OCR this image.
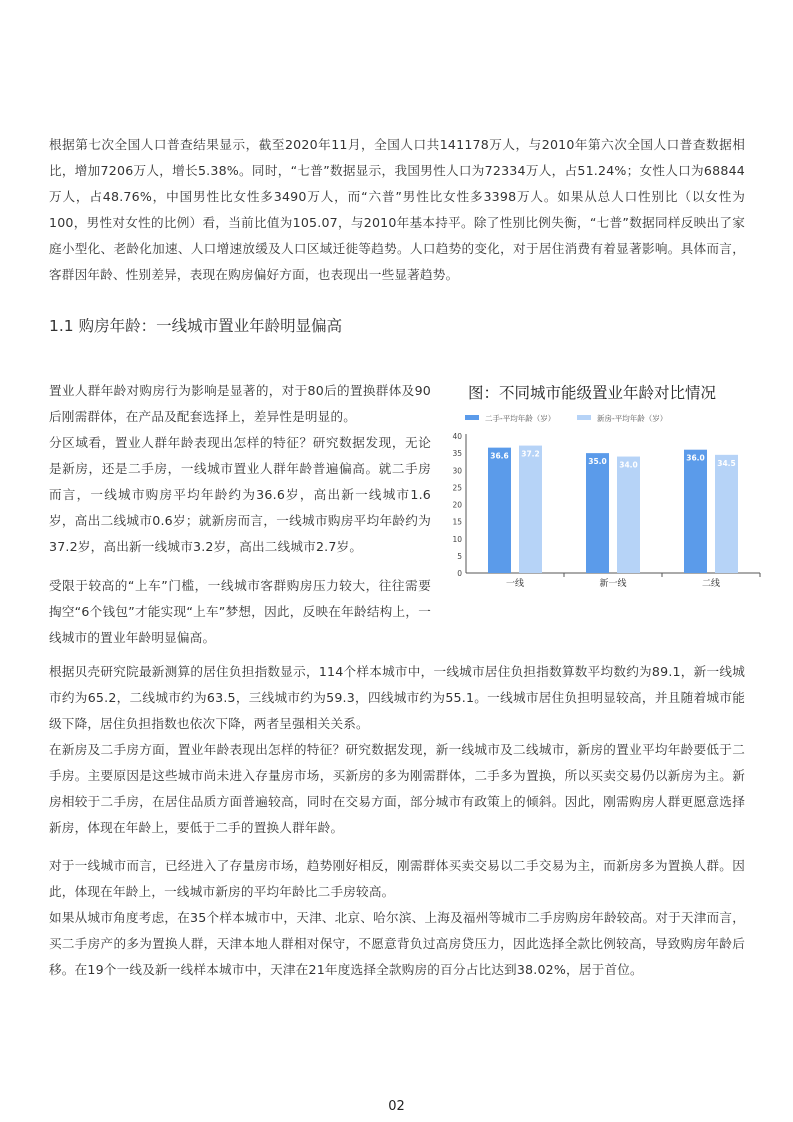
根据第七次全国人口普查结果显示，截至2020年11月，全国人口共141178万人，与2010年第六次全国人口普查数据相比，增加7206万人，增长5.38%。同时，“七普”数据显示，我国男性人口为72334万人，占51.24%；女性人口为68844万人，占48.76%，中国男性比女性多3490万人，而“六普”男性比女性多3398万人。如果从总人口性别比（以女性为100，男性对女性的比例）看，当前比值为105.07，与2010年基本持平。除了性别比例失衡，“七普”数据同样反映出了家庭小型化、老龄化加速、人口增速放缓及人口区域迁徙等趋势。人口趋势的变化，对于居住消费有着显著影响。具体而言，客群因年龄、性别差异，表现在购房偏好方面，也表现出一些显著趋势。

1.1 购房年龄：一线城市置业年龄明显偏高

置业人群年龄对购房行为影响是显著的，对于80后的置换群体及90后刚需群体，在产品及配套选择上，差异性是明显的。

分区域看，置业人群年龄表现出怎样的特征？研究数据发现，无论是新房，还是二手房，一线城市置业人群年龄普遍偏高。就二手房而言，一线城市购房平均年龄约为36.6岁，高出新一线城市1.6岁，高出二线城市0.6岁；就新房而言，一线城市购房平均年龄约为37.2岁，高出新一线城市3.2岁，高出二线城市2.7岁。

受限于较高的“上车”门槛，一线城市客群购房压力较大，往往需要掏空“6个钱包”才能实现“上车”梦想，因此，反映在年龄结构上，一线城市的置业年龄明显偏高。

图：不同城市能级置业年龄对比情况
二手-平均年龄（岁）	新房-平均年龄（岁）
0
5
10
15
20
25
30
35
40
36.6 37.2
一线
35.0 34.0
新一线
36.0
34.5
二线

根据贝壳研究院最新测算的居住负担指数显示，114个样本城市中，一线城市居住负担指数算数平均数约为89.1，新一线城市约为65.2，二线城市约为63.5，三线城市约为59.3，四线城市约为55.1。一线城市居住负担明显较高，并且随着城市能级下降，居住负担指数也依次下降，两者呈强相关关系。

在新房及二手房方面，置业年龄表现出怎样的特征？研究数据发现，新一线城市及二线城市，新房的置业平均年龄要低于二手房。主要原因是这些城市尚未进入存量房市场，买新房的多为刚需群体，二手多为置换，所以买卖交易仍以新房为主。新房相较于二手房，在居住品质方面普遍较高，同时在交易方面，部分城市有政策上的倾斜。因此，刚需购房人群更愿意选择新房，体现在年龄上，要低于二手的置换人群年龄。

对于一线城市而言，已经进入了存量房市场，趋势刚好相反，刚需群体买卖交易以二手交易为主，而新房多为置换人群。因此，体现在年龄上，一线城市新房的平均年龄比二手房较高。

如果从城市角度考虑，在35个样本城市中，天津、北京、哈尔滨、上海及福州等城市二手房购房年龄较高。对于天津而言，买二手房产的多为置换人群，天津本地人群相对保守，不愿意背负过高房贷压力，因此选择全款比例较高，导致购房年龄后移。在19个一线及新一线样本城市中，天津在21年度选择全款购房的百分占比达到38.02%，居于首位。

02
